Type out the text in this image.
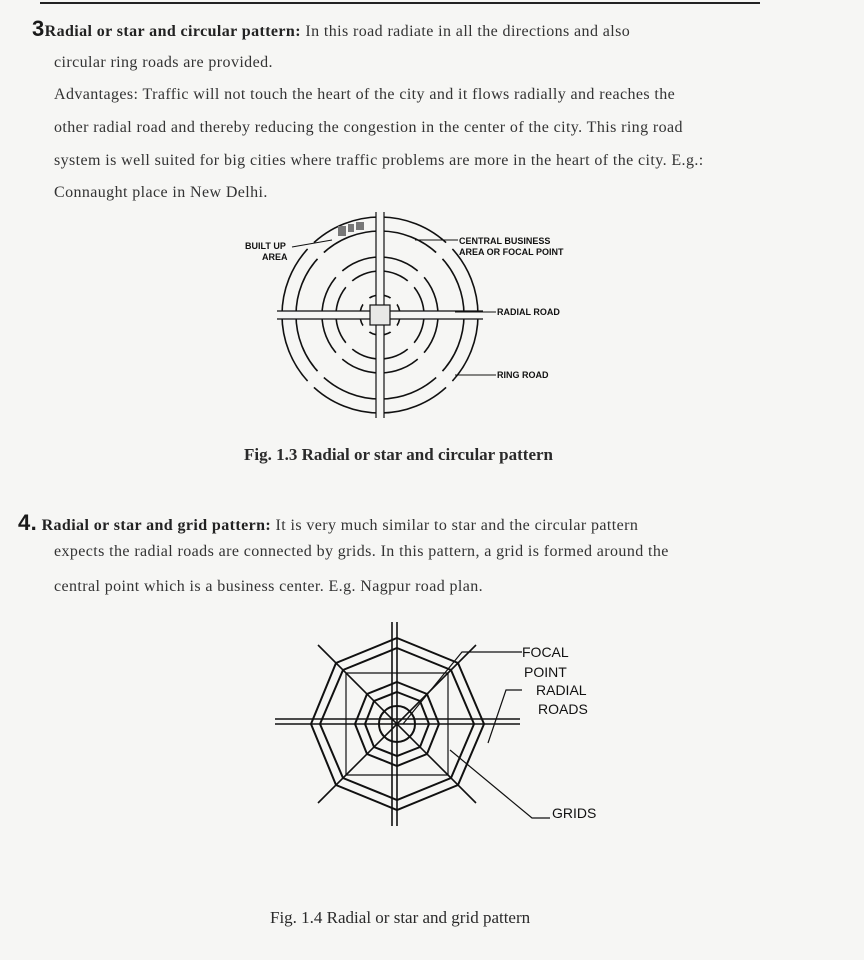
3Radial or star and circular pattern: In this road radiate in all the directions and also
circular ring roads are provided.
Advantages: Traffic will not touch the heart of the city and it flows radially and reaches the
other radial road and thereby reducing the congestion in the center of the city. This ring road
system is well suited for big cities where traffic problems are more in the heart of the city. E.g.:
Connaught place in New Delhi.
BUILT UP
AREA
CENTRAL BUSINESS
AREA OR FOCAL POINT
RADIAL ROAD
RING ROAD
Fig. 1.3 Radial or star and circular pattern
4. Radial or star and grid pattern: It is very much similar to star and the circular pattern
expects the radial roads are connected by grids. In this pattern, a grid is formed around the
central point which is a business center. E.g. Nagpur road plan.
FOCAL
POINT
RADIAL
ROADS
GRIDS
Fig. 1.4 Radial or star and grid pattern
